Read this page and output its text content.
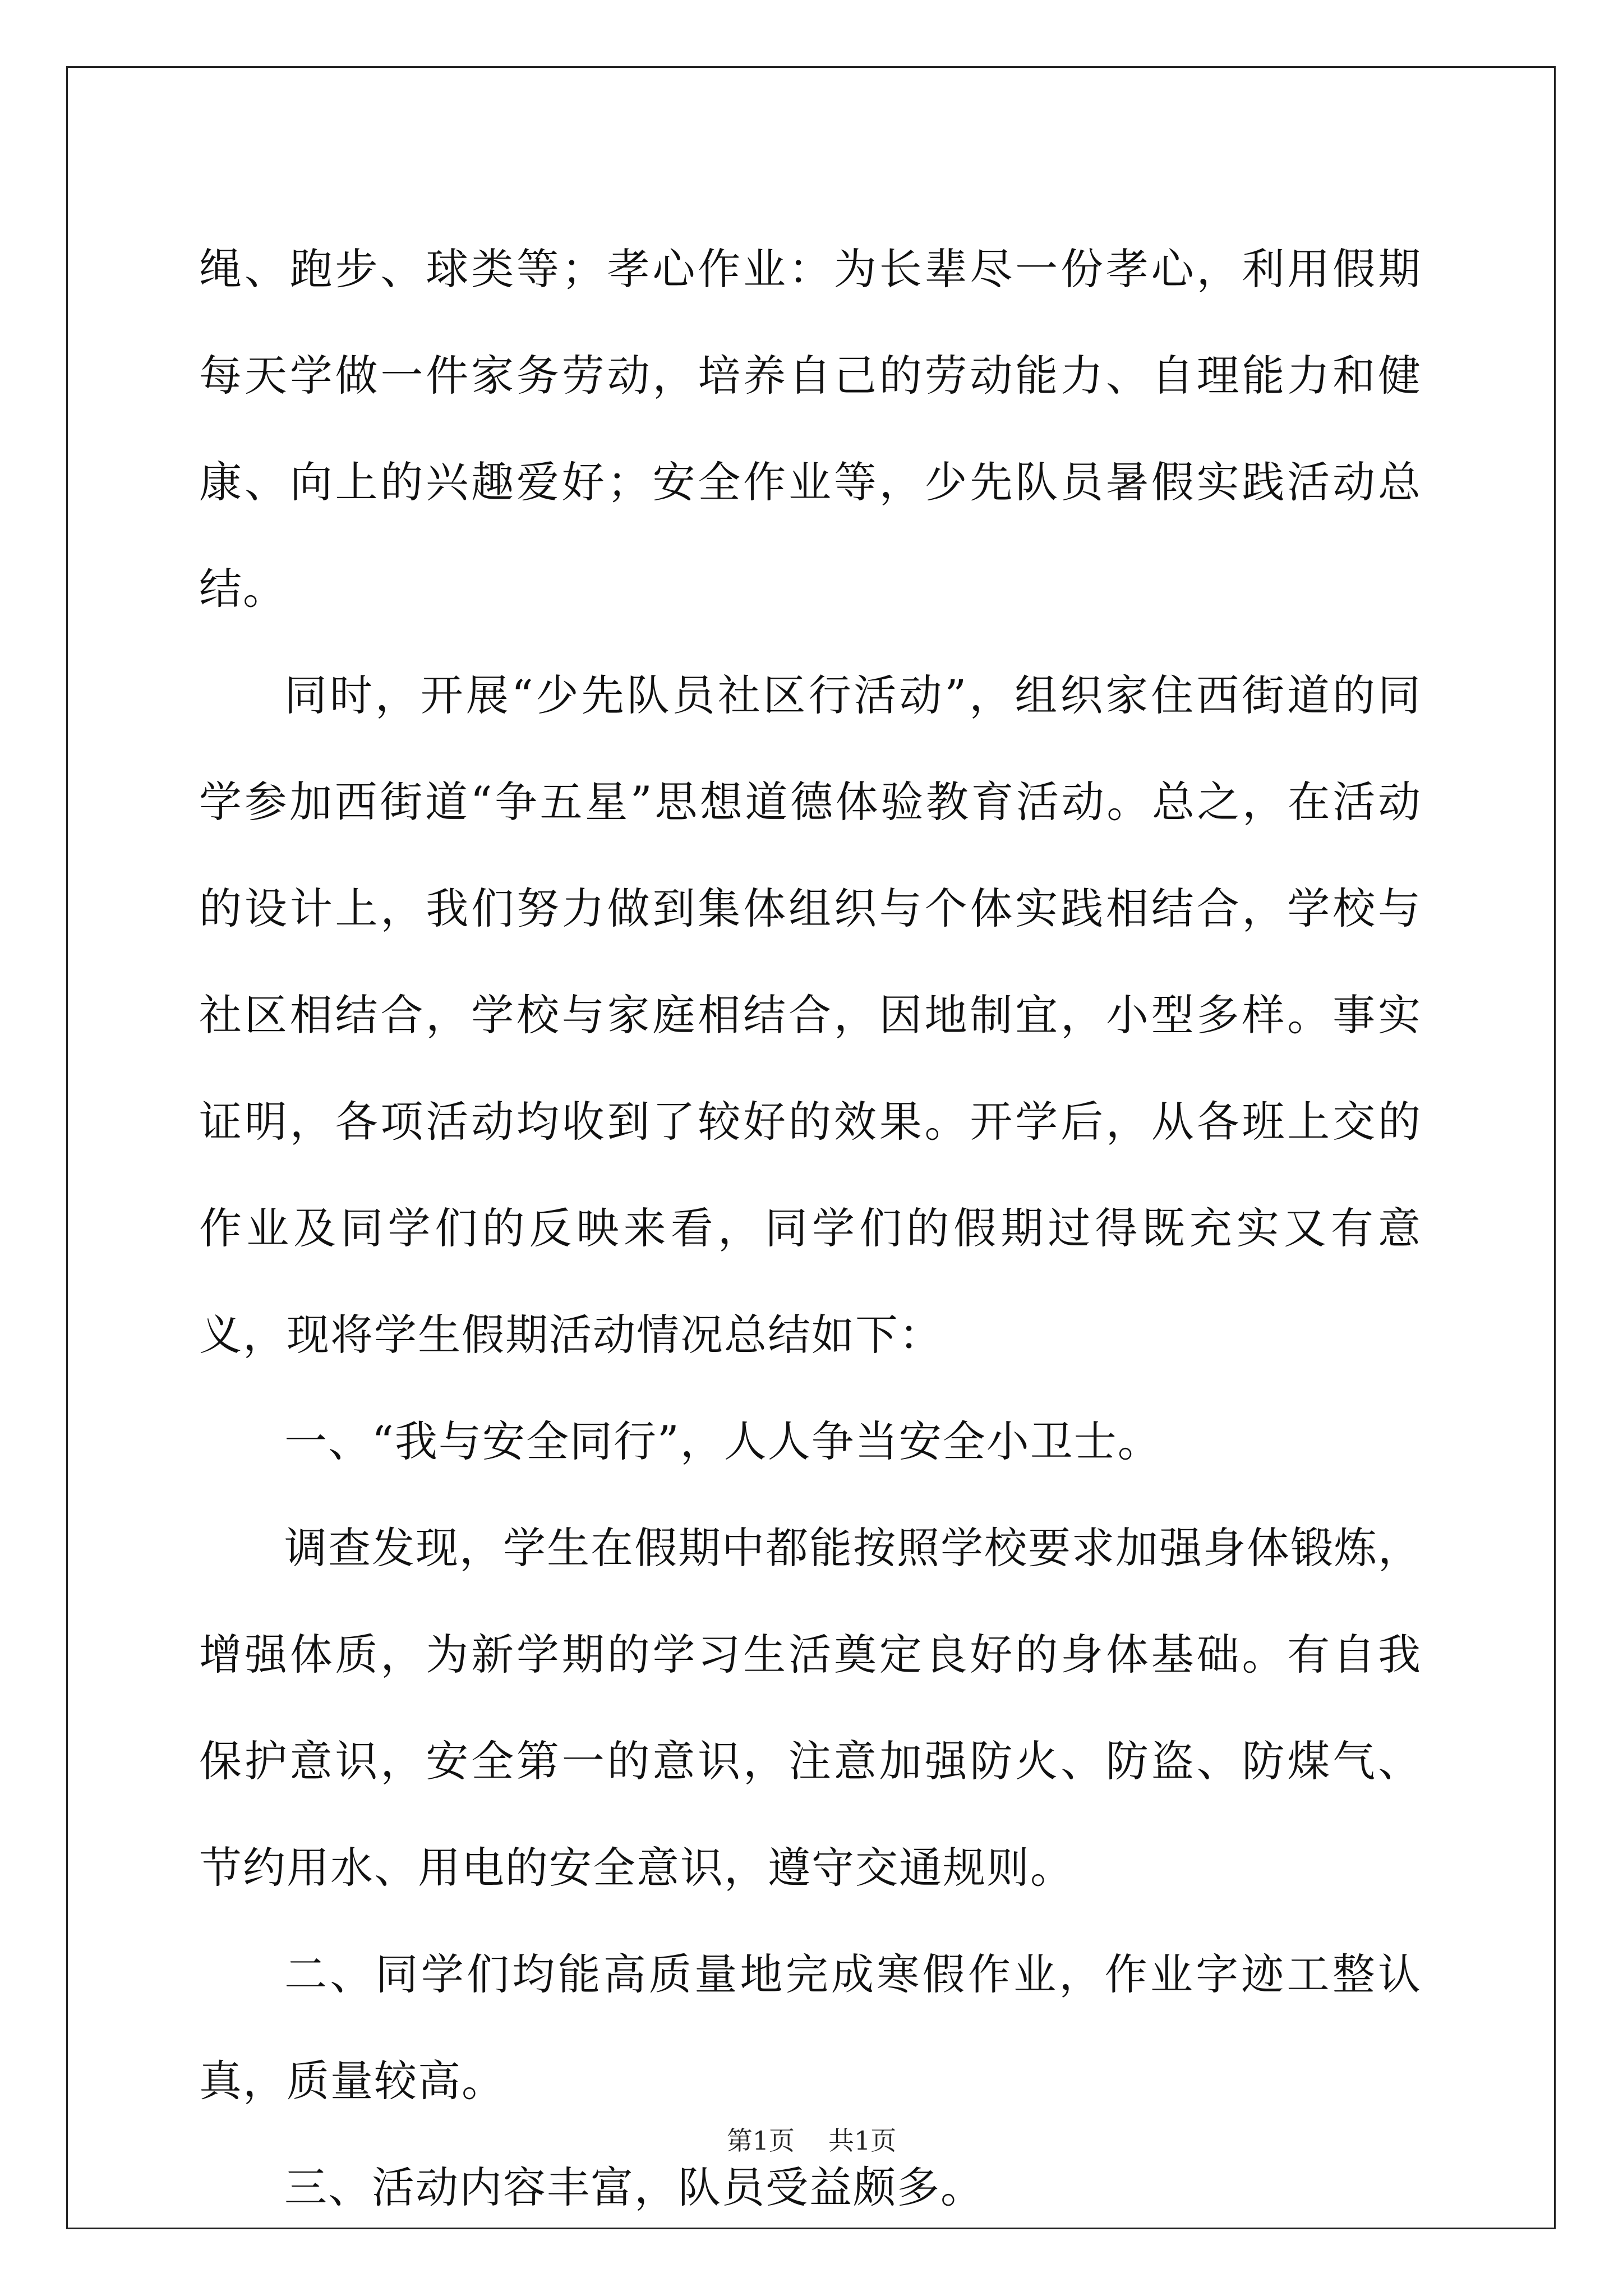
绳、跑步、球类等；孝心作业：为长辈尽一份孝心，利用假期每天学做一件家务劳动，培养自己的劳动能力、自理能力和健康、向上的兴趣爱好；安全作业等，少先队员暑假实践活动总结。

同时，开展“少先队员社区行活动”，组织家住西街道的同学参加西街道“争五星”思想道德体验教育活动。总之，在活动的设计上，我们努力做到集体组织与个体实践相结合，学校与社区相结合，学校与家庭相结合，因地制宜，小型多样。事实证明，各项活动均收到了较好的效果。开学后，从各班上交的作业及同学们的反映来看，同学们的假期过得既充实又有意义，现将学生假期活动情况总结如下：

一、“我与安全同行”，人人争当安全小卫士。

调查发现，学生在假期中都能按照学校要求加强身体锻炼，增强体质，为新学期的学习生活奠定良好的身体基础。有自我保护意识，安全第一的意识，注意加强防火、防盗、防煤气、节约用水、用电的安全意识，遵守交通规则。

二、同学们均能高质量地完成寒假作业，作业字迹工整认真，质量较高。

三、活动内容丰富，队员受益颇多。

第1页 共1页
